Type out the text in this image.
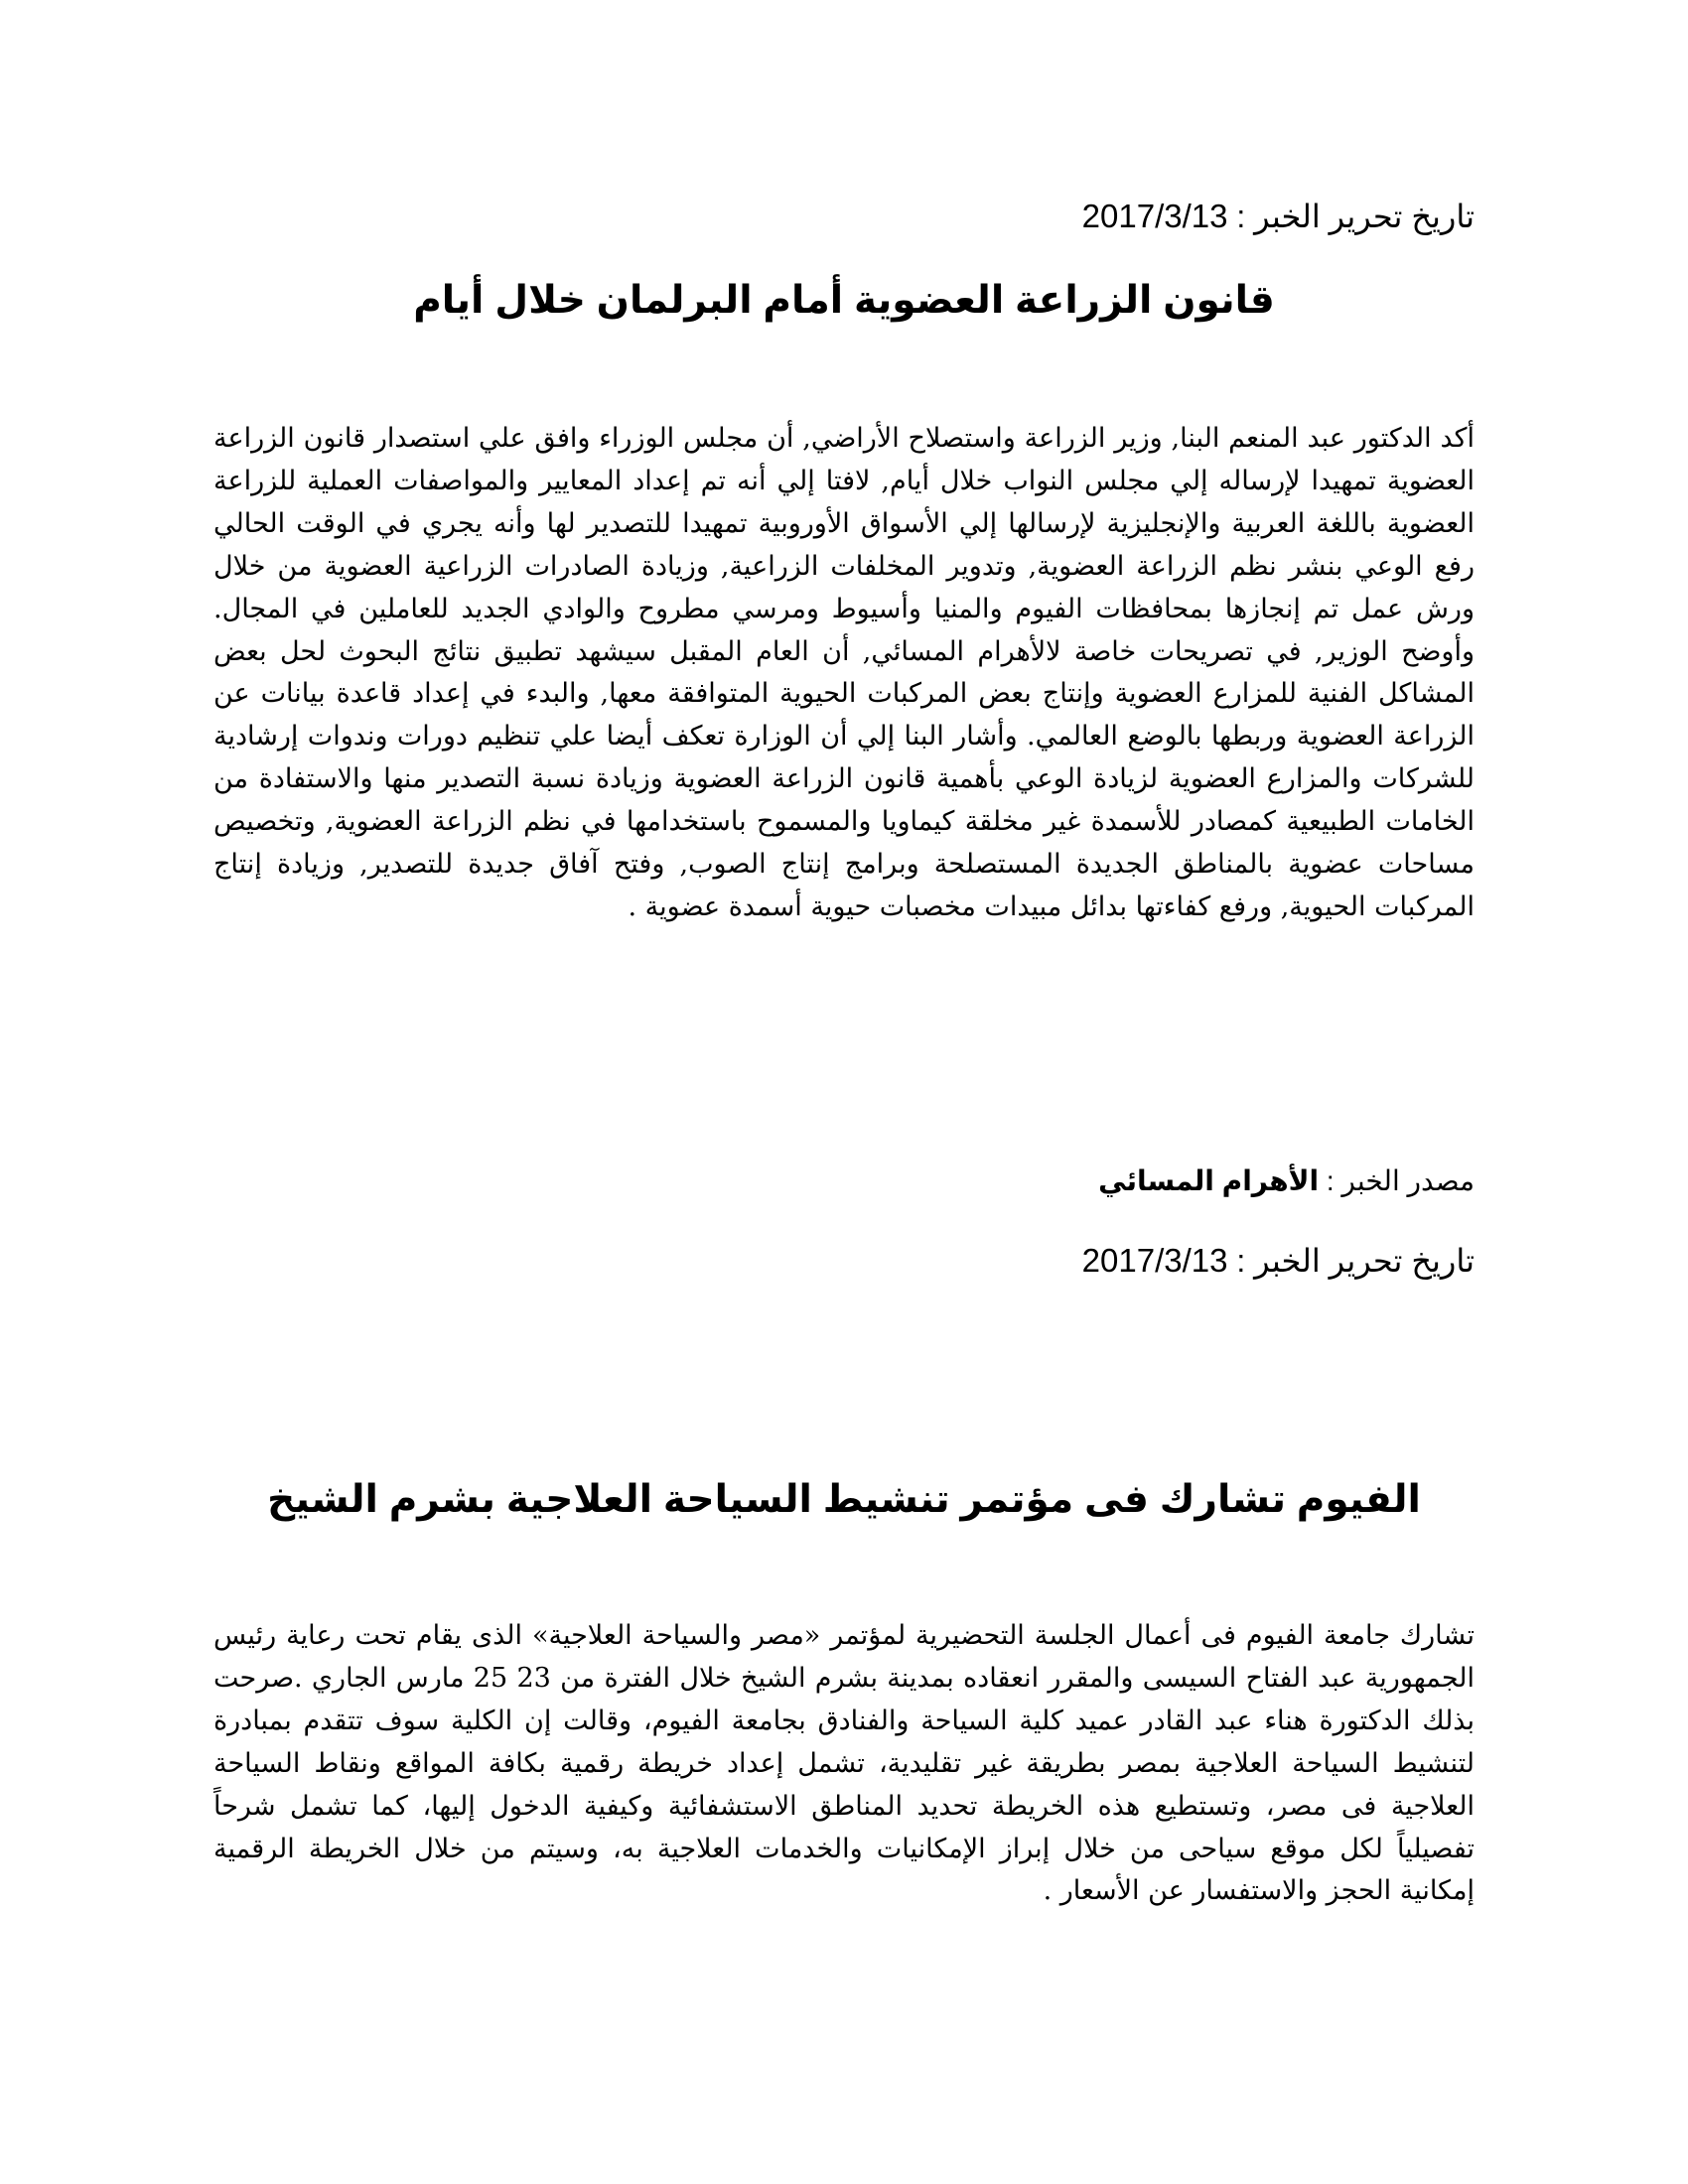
تاريخ تحرير الخبر : 2017/3/13
قانون الزراعة العضوية أمام البرلمان خلال أيام
أكد الدكتور عبد المنعم البنا, وزير الزراعة واستصلاح الأراضي, أن مجلس الوزراء وافق علي استصدار قانون الزراعة العضوية تمهيدا لإرساله إلي مجلس النواب خلال أيام, لافتا إلي أنه تم إعداد المعايير والمواصفات العملية للزراعة العضوية باللغة العربية والإنجليزية لإرسالها إلي الأسواق الأوروبية تمهيدا للتصدير لها وأنه يجري في الوقت الحالي رفع الوعي بنشر نظم الزراعة العضوية, وتدوير المخلفات الزراعية, وزيادة الصادرات الزراعية العضوية من خلال ورش عمل تم إنجازها بمحافظات الفيوم والمنيا وأسيوط ومرسي مطروح والوادي الجديد للعاملين في المجال. وأوضح الوزير, في تصريحات خاصة لالأهرام المسائي, أن العام المقبل سيشهد تطبيق نتائج البحوث لحل بعض المشاكل الفنية للمزارع العضوية وإنتاج بعض المركبات الحيوية المتوافقة معها, والبدء في إعداد قاعدة بيانات عن الزراعة العضوية وربطها بالوضع العالمي. وأشار البنا إلي أن الوزارة تعكف أيضا علي تنظيم دورات وندوات إرشادية للشركات والمزارع العضوية لزيادة الوعي بأهمية قانون الزراعة العضوية وزيادة نسبة التصدير منها والاستفادة من الخامات الطبيعية كمصادر للأسمدة غير مخلقة كيماويا والمسموح باستخدامها في نظم الزراعة العضوية, وتخصيص مساحات عضوية بالمناطق الجديدة المستصلحة وبرامج إنتاج الصوب, وفتح آفاق جديدة للتصدير, وزيادة إنتاج المركبات الحيوية, ورفع كفاءتها بدائل مبيدات مخصبات حيوية أسمدة عضوية .
مصدر الخبر : الأهرام المسائي
تاريخ تحرير الخبر : 2017/3/13
الفيوم تشارك فى مؤتمر تنشيط السياحة العلاجية بشرم الشيخ
تشارك جامعة الفيوم فى أعمال الجلسة التحضيرية لمؤتمر «مصر والسياحة العلاجية» الذى يقام تحت رعاية رئيس الجمهورية عبد الفتاح السيسى والمقرر انعقاده بمدينة بشرم الشيخ خلال الفترة من 23 25 مارس الجاري .صرحت بذلك الدكتورة هناء عبد القادر عميد كلية السياحة والفنادق بجامعة الفيوم، وقالت إن الكلية سوف تتقدم بمبادرة لتنشيط السياحة العلاجية بمصر بطريقة غير تقليدية، تشمل إعداد خريطة رقمية بكافة المواقع ونقاط السياحة العلاجية فى مصر، وتستطيع هذه الخريطة تحديد المناطق الاستشفائية وكيفية الدخول إليها، كما تشمل شرحاً تفصيلياً لكل موقع سياحى من خلال إبراز الإمكانيات والخدمات العلاجية به، وسيتم من خلال الخريطة الرقمية إمكانية الحجز والاستفسار عن الأسعار .
